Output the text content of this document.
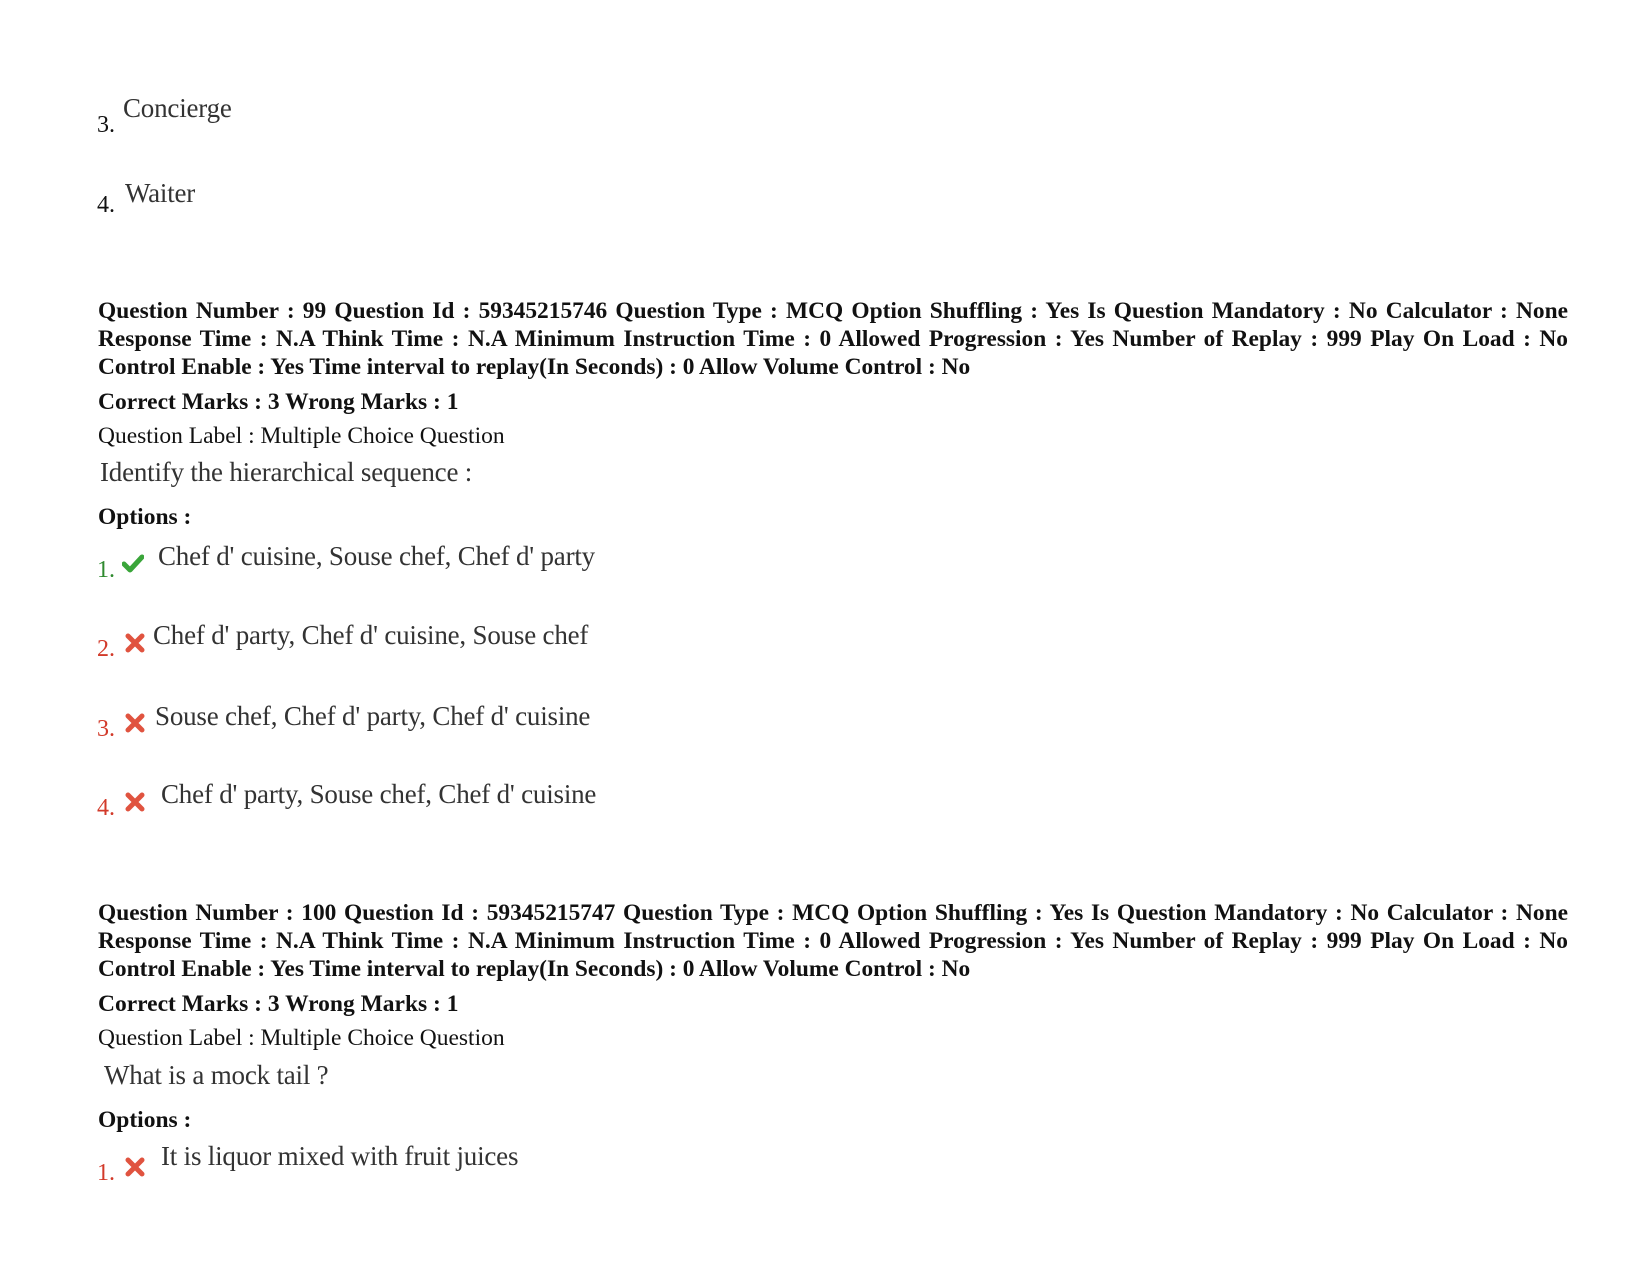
3.
Concierge
4. Waiter
Question Number : 99 Question Id : 59345215746 Question Type : MCQ Option Shuffling : Yes Is Question Mandatory : No Calculator : None Response Time : N.A Think Time : N.A Minimum Instruction Time : 0 Allowed Progression : Yes Number of Replay : 999 Play On Load : No Control Enable : Yes Time interval to replay(In Seconds) : 0 Allow Volume Control : No
Correct Marks : 3 Wrong Marks : 1
Question Label : Multiple Choice Question
Identify the hierarchical sequence :
Options :
1. Chef d' cuisine, Souse chef, Chef d' party
2. Chef d' party, Chef d' cuisine, Souse chef
3. Souse chef, Chef d' party, Chef d' cuisine
4. Chef d' party, Souse chef, Chef d' cuisine
Question Number : 100 Question Id : 59345215747 Question Type : MCQ Option Shuffling : Yes Is Question Mandatory : No Calculator : None Response Time : N.A Think Time : N.A Minimum Instruction Time : 0 Allowed Progression : Yes Number of Replay : 999 Play On Load : No Control Enable : Yes Time interval to replay(In Seconds) : 0 Allow Volume Control : No
Correct Marks : 3 Wrong Marks : 1
Question Label : Multiple Choice Question
What is a mock tail ?
Options :
1.
It is liquor mixed with fruit juices
